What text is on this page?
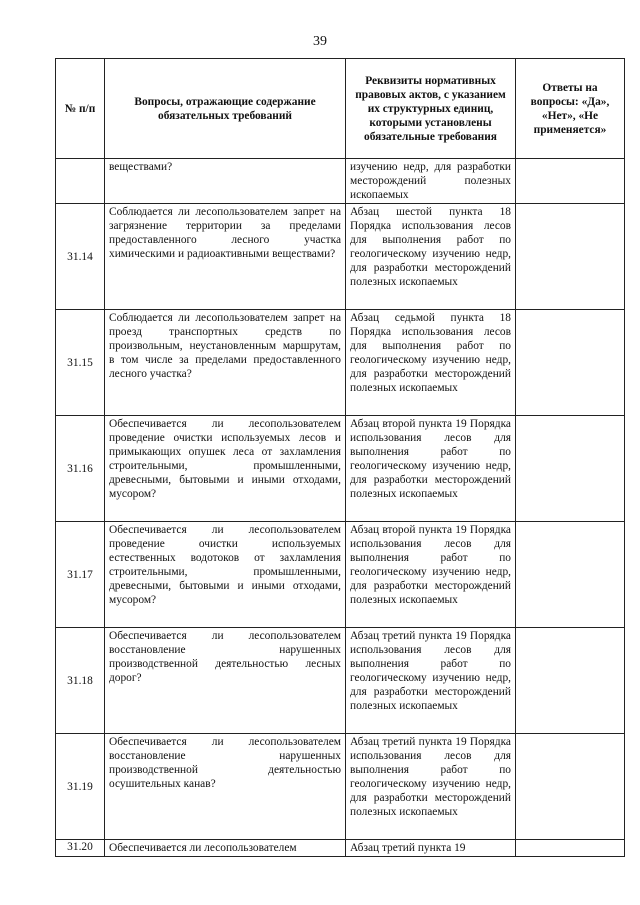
39
№ п/п	Вопросы, отражающие содержание обязательных требований	Реквизиты нормативных правовых актов, с указанием их структурных единиц, которыми установлены обязательные требования	Ответы на вопросы: «Да», «Нет», «Не применяется»
	веществами?	изучению недр, для разработки месторождений полезных ископаемых	
31.14	Соблюдается ли лесопользователем запрет на загрязнение территории за пределами предоставленного лесного участка химическими и радиоактивными веществами?	Абзац шестой пункта 18 Порядка использования лесов для выполнения работ по геологическому изучению недр, для разработки месторождений полезных ископаемых	
31.15	Соблюдается ли лесопользователем запрет на проезд транспортных средств по произвольным, неустановленным маршрутам, в том числе за пределами предоставленного лесного участка?	Абзац седьмой пункта 18 Порядка использования лесов для выполнения работ по геологическому изучению недр, для разработки месторождений полезных ископаемых	
31.16	Обеспечивается ли лесопользователем проведение очистки используемых лесов и примыкающих опушек леса от захламления строительными, промышленными, древесными, бытовыми и иными отходами, мусором?	Абзац второй пункта 19 Порядка использования лесов для выполнения работ по геологическому изучению недр, для разработки месторождений полезных ископаемых	
31.17	Обеспечивается ли лесопользователем проведение очистки используемых естественных водотоков от захламления строительными, промышленными, древесными, бытовыми и иными отходами, мусором?	Абзац второй пункта 19 Порядка использования лесов для выполнения работ по геологическому изучению недр, для разработки месторождений полезных ископаемых	
31.18	Обеспечивается ли лесопользователем восстановление нарушенных производственной деятельностью лесных дорог?	Абзац третий пункта 19 Порядка использования лесов для выполнения работ по геологическому изучению недр, для разработки месторождений полезных ископаемых	
31.19	Обеспечивается ли лесопользователем восстановление нарушенных производственной деятельностью осушительных канав?	Абзац третий пункта 19 Порядка использования лесов для выполнения работ по геологическому изучению недр, для разработки месторождений полезных ископаемых	
31.20	Обеспечивается ли лесопользователем	Абзац третий пункта 19	
